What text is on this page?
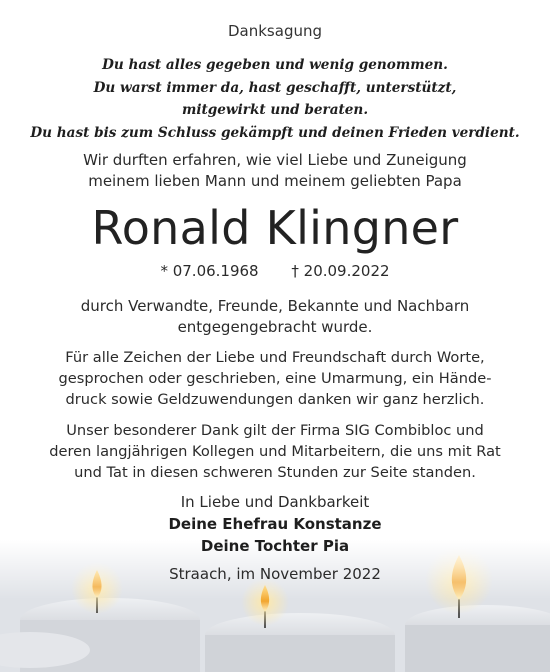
Danksagung
Du hast alles gegeben und wenig genommen.
Du warst immer da, hast geschafft, unterstützt,
mitgewirkt und beraten.
Du hast bis zum Schluss gekämpft und deinen Frieden verdient.
Wir durften erfahren, wie viel Liebe und Zuneigung
meinem lieben Mann und meinem geliebten Papa
Ronald Klingner
* 07.06.1968 † 20.09.2022
durch Verwandte, Freunde, Bekannte und Nachbarn
entgegengebracht wurde.
Für alle Zeichen der Liebe und Freundschaft durch Worte,
gesprochen oder geschrieben, eine Umarmung, ein Hände-
druck sowie Geldzuwendungen danken wir ganz herzlich.
Unser besonderer Dank gilt der Firma SIG Combibloc und
deren langjährigen Kollegen und Mitarbeitern, die uns mit Rat
und Tat in diesen schweren Stunden zur Seite standen.
In Liebe und Dankbarkeit
Deine Ehefrau Konstanze
Deine Tochter Pia
Straach, im November 2022
